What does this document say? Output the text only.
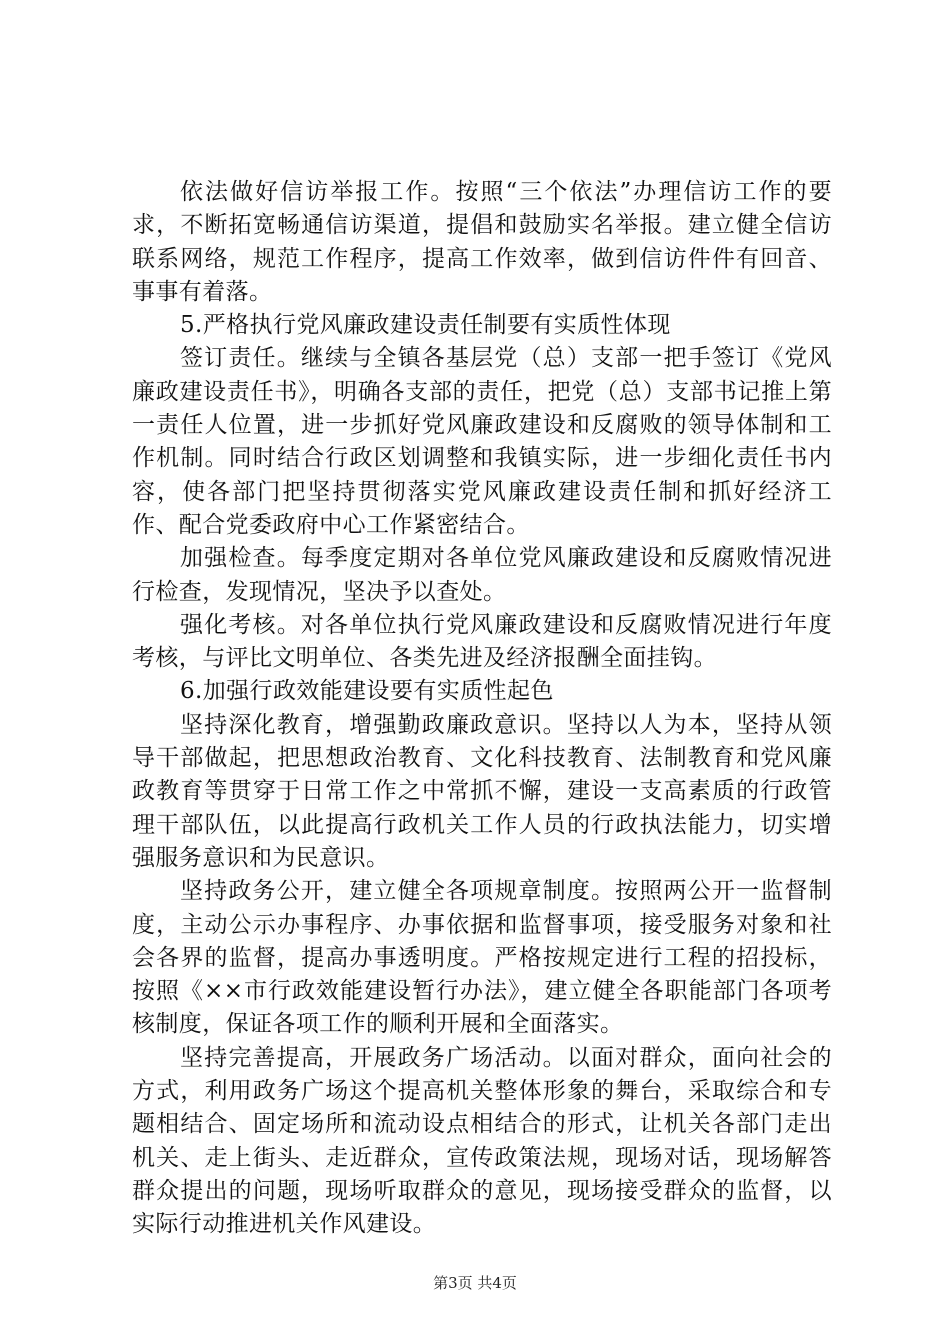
依法做好信访举报工作。按照“三个依法”办理信访工作的要求，不断拓宽畅通信访渠道，提倡和鼓励实名举报。建立健全信访联系网络，规范工作程序，提高工作效率，做到信访件件有回音、事事有着落。

5.严格执行党风廉政建设责任制要有实质性体现

签订责任。继续与全镇各基层党（总）支部一把手签订《党风廉政建设责任书》，明确各支部的责任，把党（总）支部书记推上第一责任人位置，进一步抓好党风廉政建设和反腐败的领导体制和工作机制。同时结合行政区划调整和我镇实际，进一步细化责任书内容，使各部门把坚持贯彻落实党风廉政建设责任制和抓好经济工作、配合党委政府中心工作紧密结合。

加强检查。每季度定期对各单位党风廉政建设和反腐败情况进行检查，发现情况，坚决予以查处。

强化考核。对各单位执行党风廉政建设和反腐败情况进行年度考核，与评比文明单位、各类先进及经济报酬全面挂钩。

6.加强行政效能建设要有实质性起色

坚持深化教育，增强勤政廉政意识。坚持以人为本，坚持从领导干部做起，把思想政治教育、文化科技教育、法制教育和党风廉政教育等贯穿于日常工作之中常抓不懈，建设一支高素质的行政管理干部队伍，以此提高行政机关工作人员的行政执法能力，切实增强服务意识和为民意识。

坚持政务公开，建立健全各项规章制度。按照两公开一监督制度，主动公示办事程序、办事依据和监督事项，接受服务对象和社会各界的监督，提高办事透明度。严格按规定进行工程的招投标，按照《××市行政效能建设暂行办法》，建立健全各职能部门各项考核制度，保证各项工作的顺利开展和全面落实。

坚持完善提高，开展政务广场活动。以面对群众，面向社会的方式，利用政务广场这个提高机关整体形象的舞台，采取综合和专题相结合、固定场所和流动设点相结合的形式，让机关各部门走出机关、走上街头、走近群众，宣传政策法规，现场对话，现场解答群众提出的问题，现场听取群众的意见，现场接受群众的监督，以实际行动推进机关作风建设。

第3页 共4页
